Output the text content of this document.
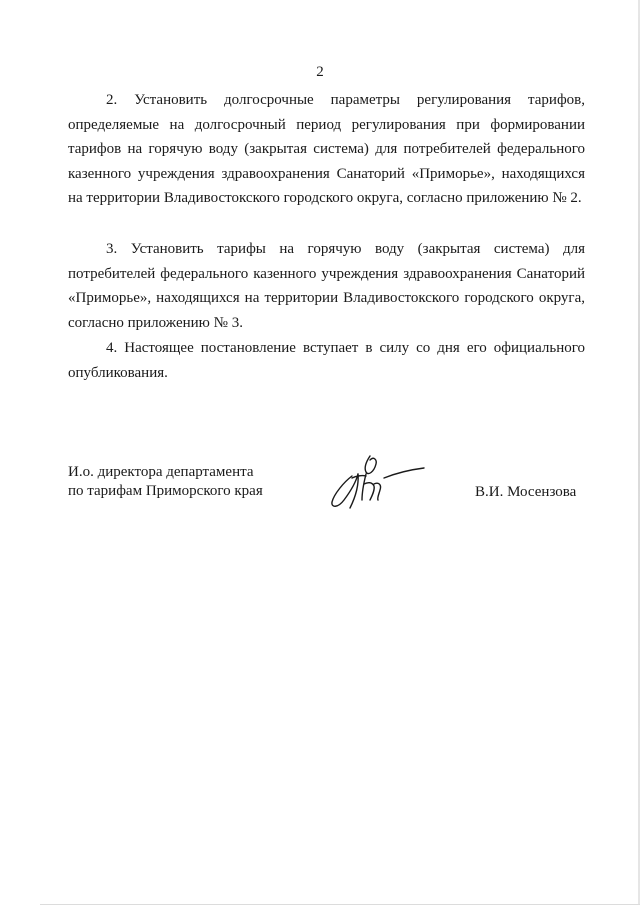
2

2. Установить долгосрочные параметры регулирования тарифов, определяемые на долгосрочный период регулирования при формировании тарифов на горячую воду (закрытая система) для потребителей федерального казенного учреждения здравоохранения Санаторий «Приморье», находящихся на территории Владивостокского городского округа, согласно приложению № 2.

3. Установить тарифы на горячую воду (закрытая система) для потребителей федерального казенного учреждения здравоохранения Санаторий «Приморье», находящихся на территории Владивостокского городского округа, согласно приложению № 3.

4. Настоящее постановление вступает в силу со дня его официального опубликования.

И.о. директора департамента
по тарифам Приморского края	В.И. Мосензова
